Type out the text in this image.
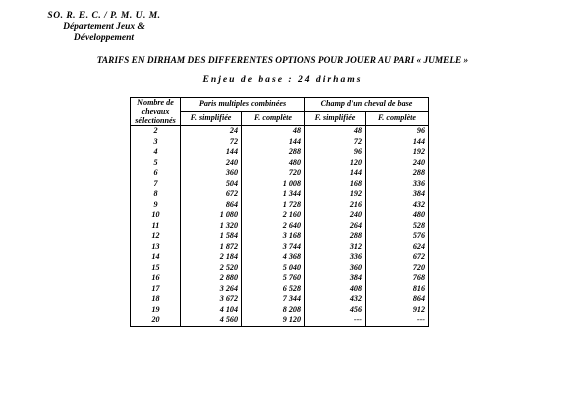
SO. R. E. C. / P. M. U. M.
Département Jeux & Développement
TARIFS EN DIRHAM DES DIFFERENTES OPTIONS POUR JOUER AU PARI « JUMELE »
Enjeu de base : 24 dirhams
Nombre de chevaux sélectionnés	Paris multiples combinées		Champ d'un cheval de base	
	F. simplifiée	F. complète	F. simplifiée	F. complète
2	24	48	48	96
3	72	144	72	144
4	144	288	96	192
5	240	480	120	240
6	360	720	144	288
7	504	1 008	168	336
8	672	1 344	192	384
9	864	1 728	216	432
10	1 080	2 160	240	480
11	1 320	2 640	264	528
12	1 584	3 168	288	576
13	1 872	3 744	312	624
14	2 184	4 368	336	672
15	2 520	5 040	360	720
16	2 880	5 760	384	768
17	3 264	6 528	408	816
18	3 672	7 344	432	864
19	4 104	8 208	456	912
20	4 560	9 120	---	---
